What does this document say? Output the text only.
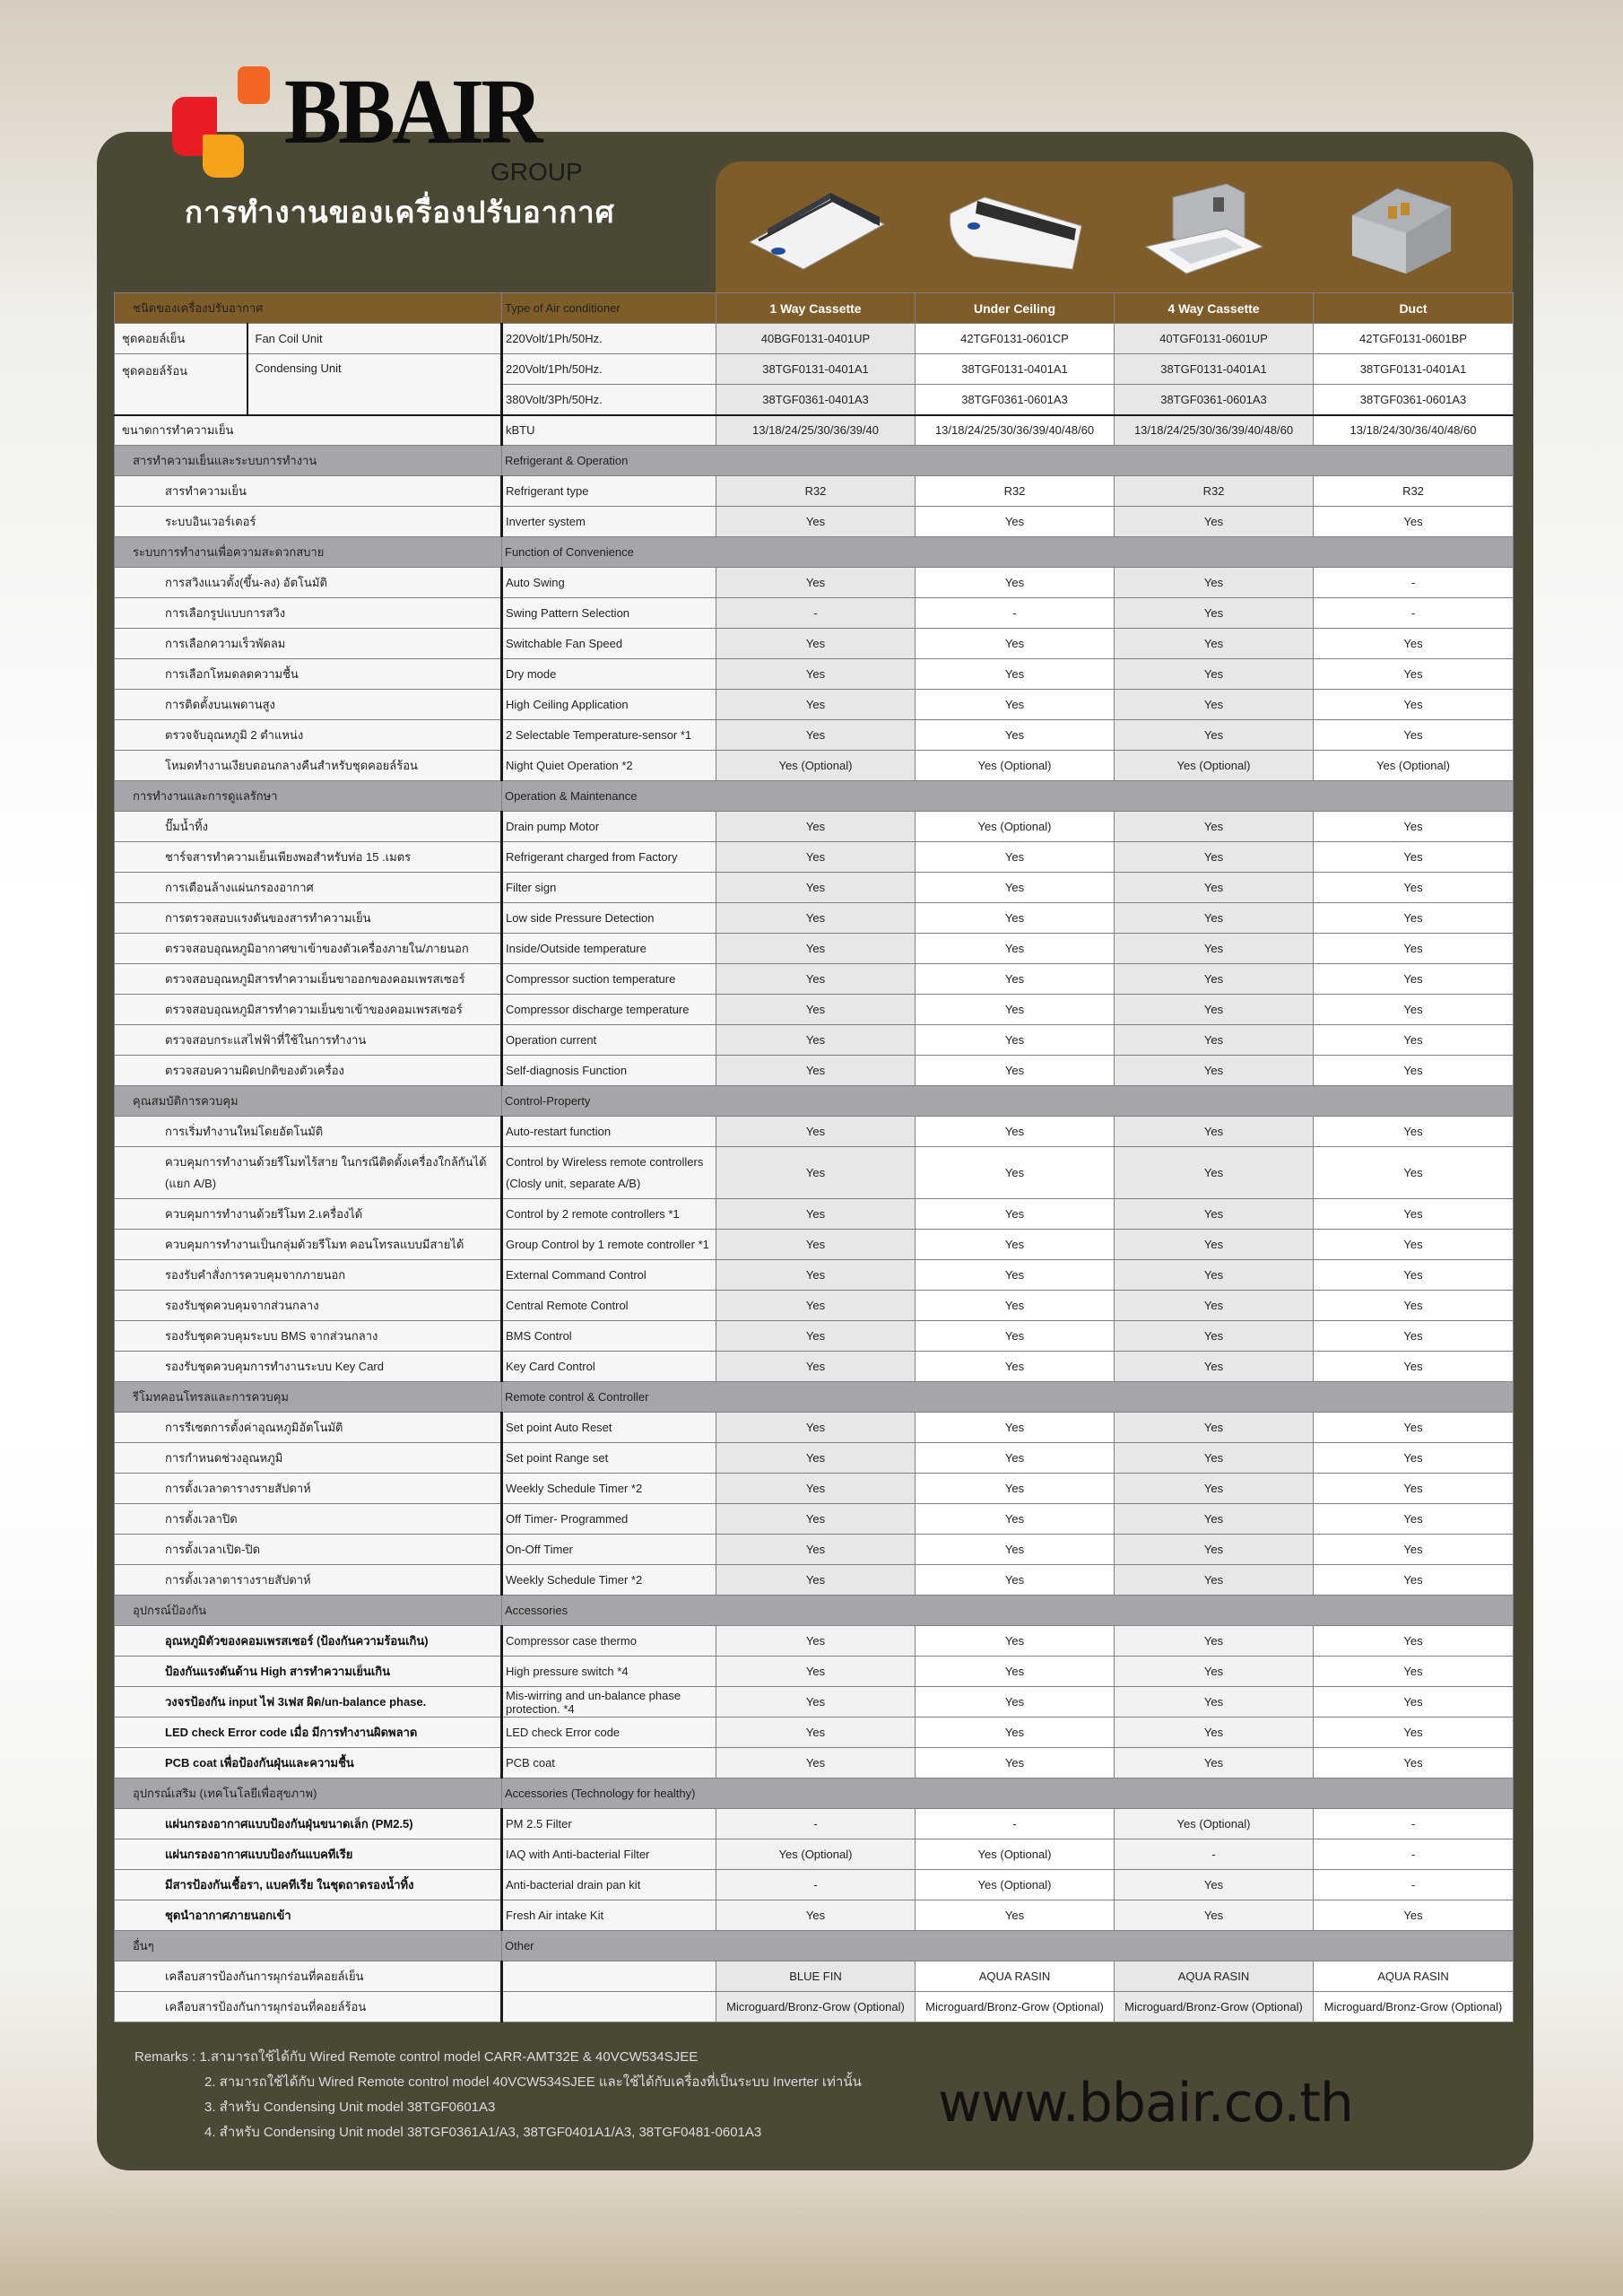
BBAIR
GROUP
การทำงานของเครื่องปรับอากาศ
ชนิดของเครื่องปรับอากาศ		Type of Air conditioner	1 Way Cassette	Under Ceiling	4 Way Cassette	Duct
ชุดคอยล์เย็น	Fan Coil Unit	220Volt/1Ph/50Hz.	40BGF0131-0401UP	42TGF0131-0601CP	40TGF0131-0601UP	42TGF0131-0601BP
ชุดคอยล์ร้อน	Condensing Unit	220Volt/1Ph/50Hz.	38TGF0131-0401A1	38TGF0131-0401A1	38TGF0131-0401A1	38TGF0131-0401A1
		380Volt/3Ph/50Hz.	38TGF0361-0401A3	38TGF0361-0601A3	38TGF0361-0601A3	38TGF0361-0601A3
ขนาดการทำความเย็น		kBTU	13/18/24/25/30/36/39/40	13/18/24/25/30/36/39/40/48/60	13/18/24/25/30/36/39/40/48/60	13/18/24/30/36/40/48/60
สารทำความเย็นและระบบการทำงาน		Refrigerant & Operation				
สารทำความเย็น		Refrigerant type	R32	R32	R32	R32
ระบบอินเวอร์เตอร์		Inverter system	Yes	Yes	Yes	Yes
ระบบการทำงานเพื่อความสะดวกสบาย		Function of Convenience				
การสวิงแนวตั้ง(ขึ้น-ลง) อัตโนมัติ		Auto Swing	Yes	Yes	Yes	-
การเลือกรูปแบบการสวิง		Swing Pattern Selection	-	-	Yes	-
การเลือกความเร็วพัดลม		Switchable Fan Speed	Yes	Yes	Yes	Yes
การเลือกโหมดลดความชื้น		Dry mode	Yes	Yes	Yes	Yes
การติดตั้งบนเพดานสูง		High Ceiling Application	Yes	Yes	Yes	Yes
ตรวจจับอุณหภูมิ 2 ตำแหน่ง		2 Selectable Temperature-sensor *1	Yes	Yes	Yes	Yes
โหมดทำงานเงียบตอนกลางคืนสำหรับชุดคอยล์ร้อน		Night Quiet Operation *2	Yes (Optional)	Yes (Optional)	Yes (Optional)	Yes (Optional)
การทำงานและการดูแลรักษา		Operation & Maintenance				
ปั๊มน้ำทิ้ง		Drain pump Motor	Yes	Yes (Optional)	Yes	Yes
ชาร์จสารทำความเย็นเพียงพอสำหรับท่อ 15 .เมตร		Refrigerant charged from Factory	Yes	Yes	Yes	Yes
การเตือนล้างแผ่นกรองอากาศ		Filter sign	Yes	Yes	Yes	Yes
การตรวจสอบแรงดันของสารทำความเย็น		Low side Pressure Detection	Yes	Yes	Yes	Yes
ตรวจสอบอุณหภูมิอากาศขาเข้าของตัวเครื่องภายใน/ภายนอก		Inside/Outside temperature	Yes	Yes	Yes	Yes
ตรวจสอบอุณหภูมิสารทำความเย็นขาออกของคอมเพรสเซอร์		Compressor suction temperature	Yes	Yes	Yes	Yes
ตรวจสอบอุณหภูมิสารทำความเย็นขาเข้าของคอมเพรสเซอร์		Compressor discharge temperature	Yes	Yes	Yes	Yes
ตรวจสอบกระแสไฟฟ้าที่ใช้ในการทำงาน		Operation current	Yes	Yes	Yes	Yes
ตรวจสอบความผิดปกติของตัวเครื่อง		Self-diagnosis Function	Yes	Yes	Yes	Yes
คุณสมบัติการควบคุม		Control-Property				
การเริ่มทำงานใหม่โดยอัตโนมัติ		Auto-restart function	Yes	Yes	Yes	Yes
ควบคุมการทำงานด้วยรีโมทไร้สาย ในกรณีติดตั้งเครื่องใกล้กันได้ (แยก A/B)		Control by Wireless remote controllers (Closly unit, separate A/B)	Yes	Yes	Yes	Yes
ควบคุมการทำงานด้วยรีโมท 2.เครื่องได้		Control by 2 remote controllers *1	Yes	Yes	Yes	Yes
ควบคุมการทำงานเป็นกลุ่มด้วยรีโมท คอนโทรลแบบมีสายได้		Group Control by 1 remote controller *1	Yes	Yes	Yes	Yes
รองรับคำสั่งการควบคุมจากภายนอก		External Command Control	Yes	Yes	Yes	Yes
รองรับชุดควบคุมจากส่วนกลาง		Central Remote Control	Yes	Yes	Yes	Yes
รองรับชุดควบคุมระบบ BMS จากส่วนกลาง		BMS Control	Yes	Yes	Yes	Yes
รองรับชุดควบคุมการทำงานระบบ Key Card		Key Card Control	Yes	Yes	Yes	Yes
รีโมทคอนโทรลและการควบคุม		Remote control & Controller				
การรีเซตการตั้งค่าอุณหภูมิอัตโนมัติ		Set point Auto Reset	Yes	Yes	Yes	Yes
การกำหนดช่วงอุณหภูมิ		Set point Range set	Yes	Yes	Yes	Yes
การตั้งเวลาตารางรายสัปดาห์		Weekly Schedule Timer *2	Yes	Yes	Yes	Yes
การตั้งเวลาปิด		Off Timer- Programmed	Yes	Yes	Yes	Yes
การตั้งเวลาเปิด-ปิด		On-Off Timer	Yes	Yes	Yes	Yes
การตั้งเวลาตารางรายสัปดาห์		Weekly Schedule Timer *2	Yes	Yes	Yes	Yes
อุปกรณ์ป้องกัน		Accessories				
อุณหภูมิตัวของคอมเพรสเซอร์ (ป้องกันความร้อนเกิน)		Compressor case thermo	Yes	Yes	Yes	Yes
ป้องกันแรงดันด้าน High สารทำความเย็นเกิน		High pressure switch *4	Yes	Yes	Yes	Yes
วงจรป้องกัน input ไฟ 3เฟส ผิด/un-balance phase.		Mis-wirring and un-balance phase protection. *4	Yes	Yes	Yes	Yes
LED check Error code เมื่อ มีการทำงานผิดพลาด		LED check Error code	Yes	Yes	Yes	Yes
PCB coat เพื่อป้องกันฝุ่นและความชื้น		PCB coat	Yes	Yes	Yes	Yes
อุปกรณ์เสริม (เทคโนโลยีเพื่อสุขภาพ)		Accessories (Technology for healthy)				
แผ่นกรองอากาศแบบป้องกันฝุ่นขนาดเล็ก (PM2.5)		PM 2.5 Filter	-	-	Yes (Optional)	-
แผ่นกรองอากาศแบบป้องกันแบคทีเรีย		IAQ with Anti-bacterial Filter	Yes (Optional)	Yes (Optional)	-	-
มีสารป้องกันเชื้อรา, แบคทีเรีย ในชุดถาดรองน้ำทิ้ง		Anti-bacterial drain pan kit	-	Yes (Optional)	Yes	-
ชุดนำอากาศภายนอกเข้า		Fresh Air intake Kit	Yes	Yes	Yes	Yes
อื่นๆ		Other				
เคลือบสารป้องกันการผุกร่อนที่คอยล์เย็น			BLUE FIN	AQUA RASIN	AQUA RASIN	AQUA RASIN
เคลือบสารป้องกันการผุกร่อนที่คอยล์ร้อน			Microguard/Bronz-Grow (Optional)	Microguard/Bronz-Grow (Optional)	Microguard/Bronz-Grow (Optional)	Microguard/Bronz-Grow (Optional)
Remarks : 1.สามารถใช้ได้กับ Wired Remote control model CARR-AMT32E & 40VCW534SJEE
2. สามารถใช้ได้กับ Wired Remote control model 40VCW534SJEE และใช้ได้กับเครื่องที่เป็นระบบ Inverter เท่านั้น
3. สำหรับ Condensing Unit model 38TGF0601A3
4. สำหรับ Condensing Unit model 38TGF0361A1/A3, 38TGF0401A1/A3, 38TGF0481-0601A3	www.bbair.co.th
